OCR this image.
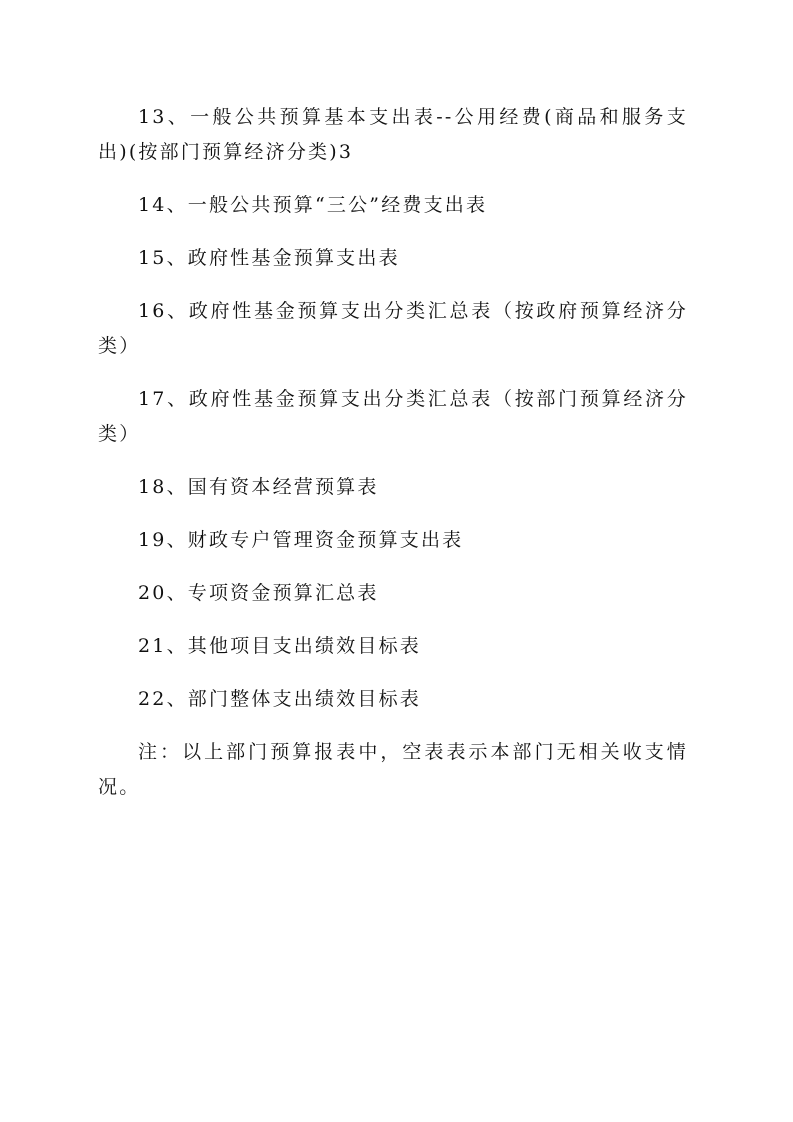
13、一般公共预算基本支出表--公用经费(商品和服务支出)(按部门预算经济分类)3

14、一般公共预算“三公”经费支出表

15、政府性基金预算支出表

16、政府性基金预算支出分类汇总表（按政府预算经济分类）

17、政府性基金预算支出分类汇总表（按部门预算经济分类）

18、国有资本经营预算表

19、财政专户管理资金预算支出表

20、专项资金预算汇总表

21、其他项目支出绩效目标表

22、部门整体支出绩效目标表

注：以上部门预算报表中，空表表示本部门无相关收支情况。
